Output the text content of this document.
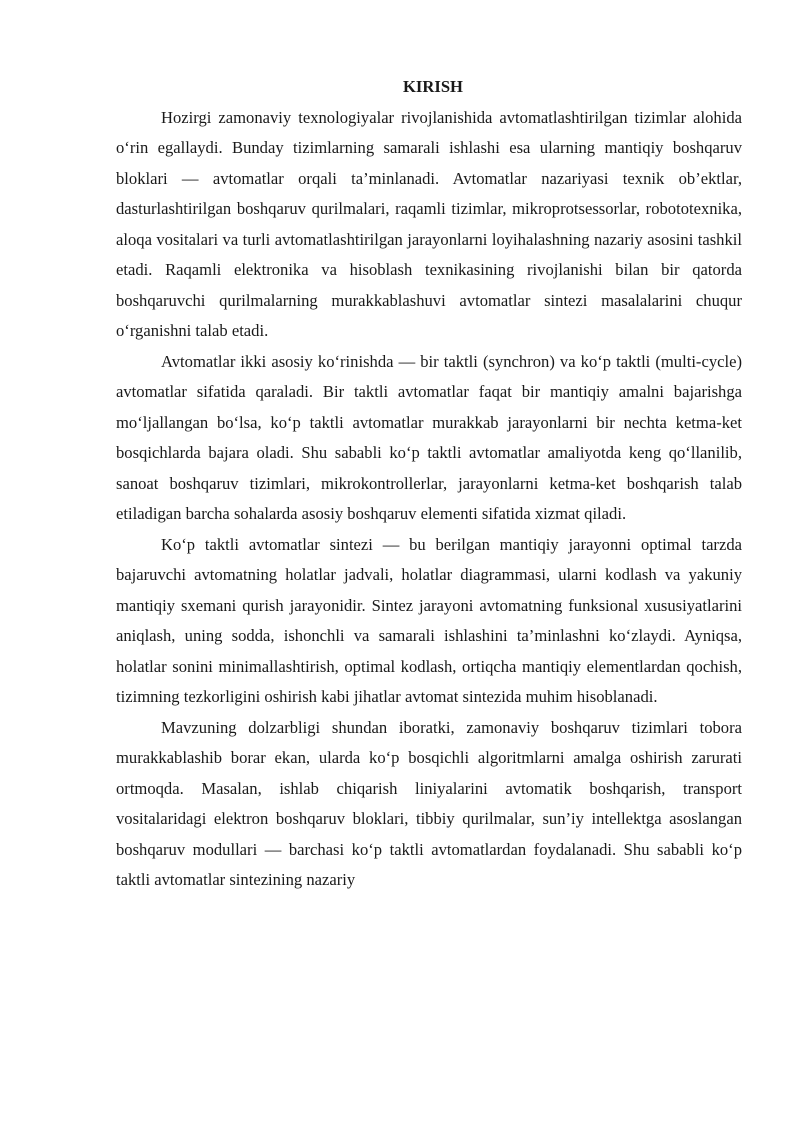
KIRISH

Hozirgi zamonaviy texnologiyalar rivojlanishida avtomatlashtirilgan tizimlar alohida o‘rin egallaydi. Bunday tizimlarning samarali ishlashi esa ularning mantiqiy boshqaruv bloklari — avtomatlar orqali ta’minlanadi. Avtomatlar nazariyasi texnik ob’ektlar, dasturlashtirilgan boshqaruv qurilmalari, raqamli tizimlar, mikroprotsessorlar, robototexnika, aloqa vositalari va turli avtomatlashtirilgan jarayonlarni loyihalashning nazariy asosini tashkil etadi. Raqamli elektronika va hisoblash texnikasining rivojlanishi bilan bir qatorda boshqaruvchi qurilmalarning murakkablashuvi avtomatlar sintezi masalalarini chuqur o‘rganishni talab etadi.

Avtomatlar ikki asosiy ko‘rinishda — bir taktli (synchron) va ko‘p taktli (multi-cycle) avtomatlar sifatida qaraladi. Bir taktli avtomatlar faqat bir mantiqiy amalni bajarishga mo‘ljallangan bo‘lsa, ko‘p taktli avtomatlar murakkab jarayonlarni bir nechta ketma-ket bosqichlarda bajara oladi. Shu sababli ko‘p taktli avtomatlar amaliyotda keng qo‘llanilib, sanoat boshqaruv tizimlari, mikrokontrollerlar, jarayonlarni ketma-ket boshqarish talab etiladigan barcha sohalarda asosiy boshqaruv elementi sifatida xizmat qiladi.

Ko‘p taktli avtomatlar sintezi — bu berilgan mantiqiy jarayonni optimal tarzda bajaruvchi avtomatning holatlar jadvali, holatlar diagrammasi, ularni kodlash va yakuniy mantiqiy sxemani qurish jarayonidir. Sintez jarayoni avtomatning funksional xususiyatlarini aniqlash, uning sodda, ishonchli va samarali ishlashini ta’minlashni ko‘zlaydi. Ayniqsa, holatlar sonini minimallashtirish, optimal kodlash, ortiqcha mantiqiy elementlardan qochish, tizimning tezkorligini oshirish kabi jihatlar avtomat sintezida muhim hisoblanadi.

Mavzuning dolzarbligi shundan iboratki, zamonaviy boshqaruv tizimlari tobora murakkablashib borar ekan, ularda ko‘p bosqichli algoritmlarni amalga oshirish zarurati ortmoqda. Masalan, ishlab chiqarish liniyalarini avtomatik boshqarish, transport vositalaridagi elektron boshqaruv bloklari, tibbiy qurilmalar, sun’iy intellektga asoslangan boshqaruv modullari — barchasi ko‘p taktli avtomatlardan foydalanadi. Shu sababli ko‘p taktli avtomatlar sintezining nazariy
